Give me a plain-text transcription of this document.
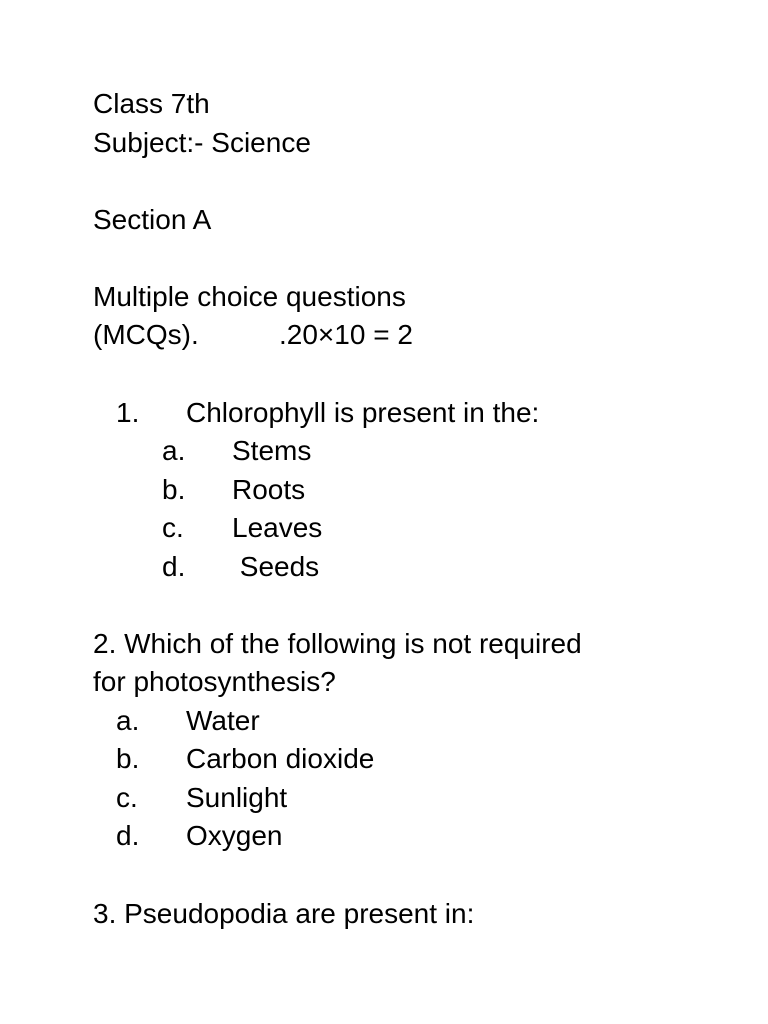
Class 7th
Subject:- Science
Section A
Multiple choice questions
(MCQs).	.20×10 = 2
1. Chlorophyll is present in the:
a. Stems
b. Roots
c. Leaves
d. Seeds
2. Which of the following is not required
for photosynthesis?
a. Water
b. Carbon dioxide
c. Sunlight
d. Oxygen
3. Pseudopodia are present in:
